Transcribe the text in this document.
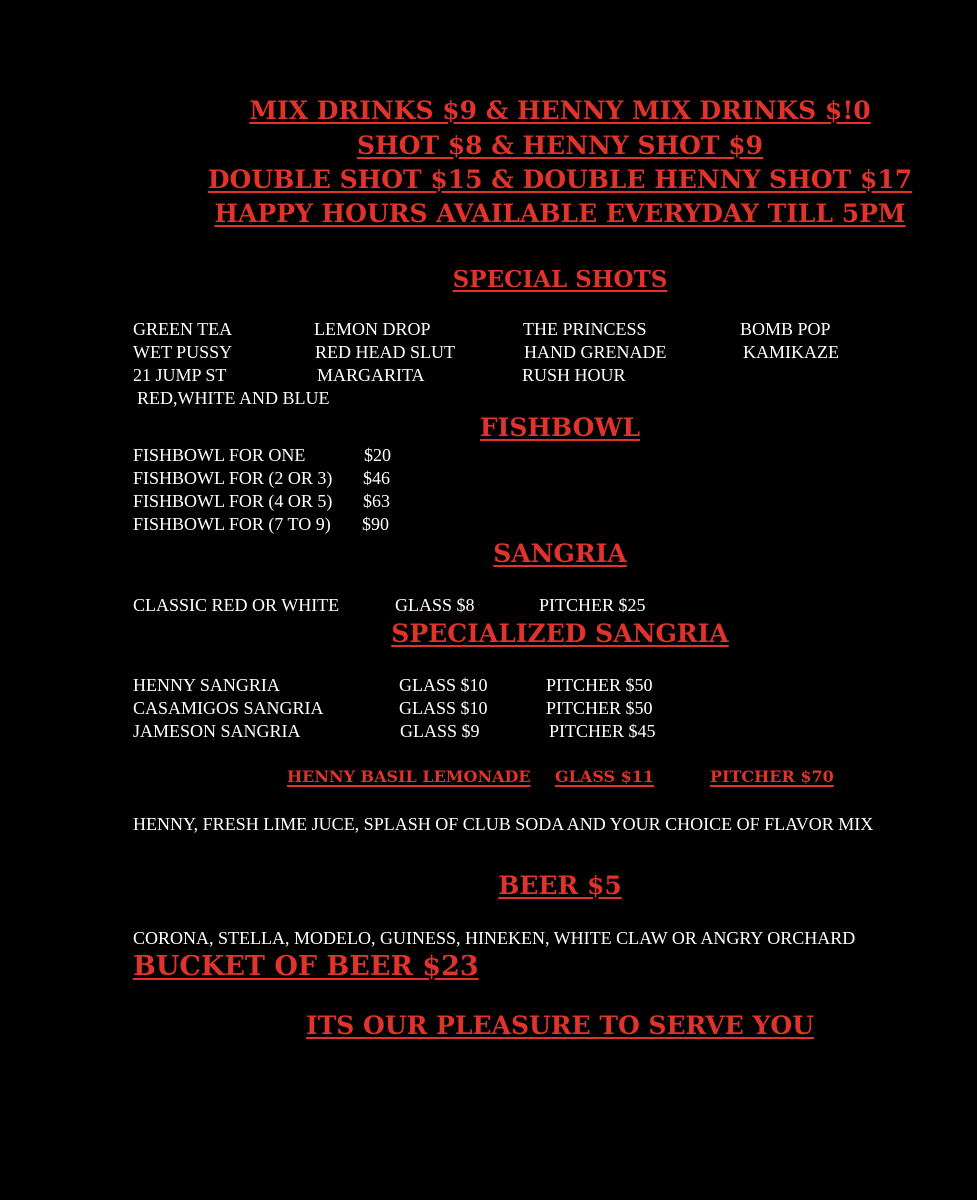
MIX DRINKS $9 & HENNY MIX DRINKS $!0
SHOT $8 & HENNY SHOT $9
DOUBLE SHOT $15 & DOUBLE HENNY SHOT $17
HAPPY HOURS AVAILABLE EVERYDAY TILL 5PM
SPECIAL SHOTS
GREEN TEA	LEMON DROP	THE PRINCESS	BOMB POP
WET PUSSY	RED HEAD SLUT	HAND GRENADE	KAMIKAZE
21 JUMP ST	MARGARITA	RUSH HOUR
RED,WHITE AND BLUE
FISHBOWL
FISHBOWL FOR ONE	$20
FISHBOWL FOR (2 OR 3) $46
FISHBOWL FOR (4 OR 5) $63
FISHBOWL FOR (7 TO 9) $90
SANGRIA
CLASSIC RED OR WHITE	GLASS $8	PITCHER $25
SPECIALIZED SANGRIA
HENNY SANGRIA	GLASS $10	PITCHER $50
CASAMIGOS SANGRIA	GLASS $10	PITCHER $50
JAMESON SANGRIA	GLASS $9	PITCHER $45
HENNY BASIL LEMONADE GLASS $11	PITCHER $70
HENNY, FRESH LIME JUCE, SPLASH OF CLUB SODA AND YOUR CHOICE OF FLAVOR MIX
BEER $5
CORONA, STELLA, MODELO, GUINESS, HINEKEN, WHITE CLAW OR ANGRY ORCHARD
BUCKET OF BEER $23
ITS OUR PLEASURE TO SERVE YOU
